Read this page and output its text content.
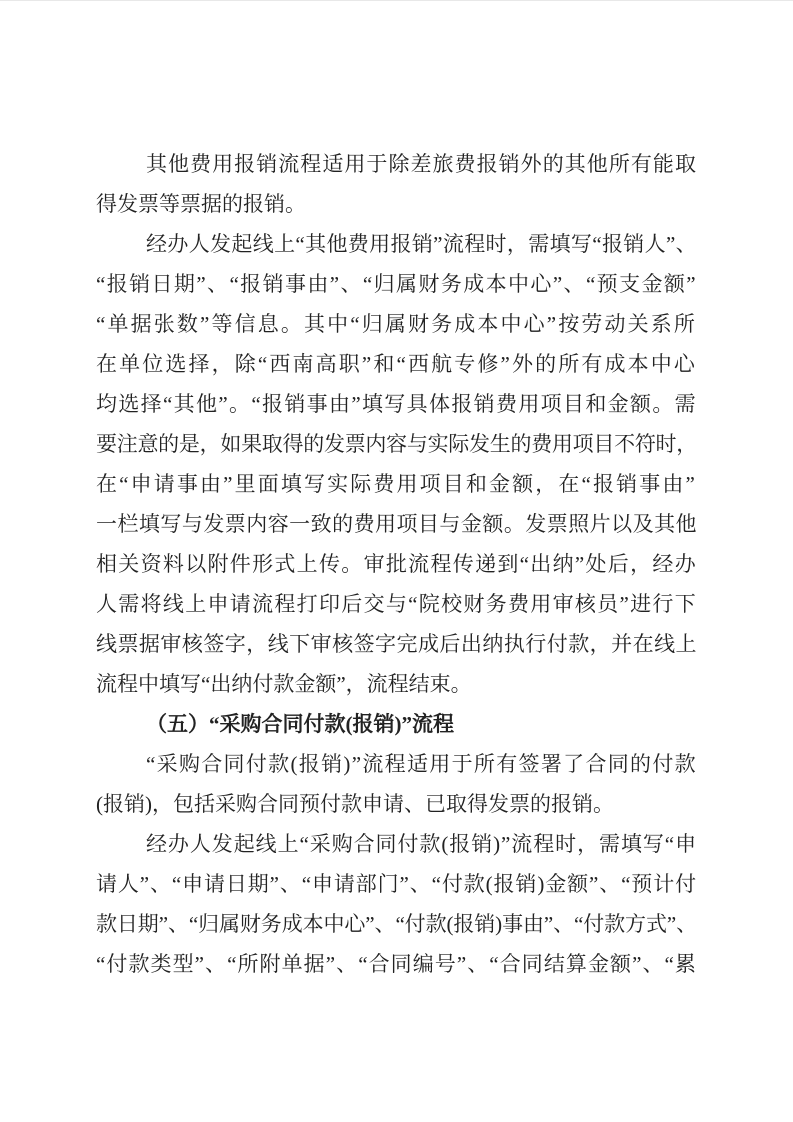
其他费用报销流程适用于除差旅费报销外的其他所有能取
得发票等票据的报销。
经办人发起线上“其他费用报销”流程时，需填写“报销人”、
“报销日期”、“报销事由”、“归属财务成本中心”、“预支金额”
“单据张数”等信息。其中“归属财务成本中心”按劳动关系所
在单位选择，除“西南高职”和“西航专修”外的所有成本中心
均选择“其他”。“报销事由”填写具体报销费用项目和金额。需
要注意的是，如果取得的发票内容与实际发生的费用项目不符时，
在“申请事由”里面填写实际费用项目和金额，在“报销事由”
一栏填写与发票内容一致的费用项目与金额。发票照片以及其他
相关资料以附件形式上传。审批流程传递到“出纳”处后，经办
人需将线上申请流程打印后交与“院校财务费用审核员”进行下
线票据审核签字，线下审核签字完成后出纳执行付款，并在线上
流程中填写“出纳付款金额”，流程结束。
（五）“采购合同付款(报销)”流程
“采购合同付款(报销)”流程适用于所有签署了合同的付款
(报销)，包括采购合同预付款申请、已取得发票的报销。
经办人发起线上“采购合同付款(报销)”流程时，需填写“申
请人”、“申请日期”、“申请部门”、“付款(报销)金额”、“预计付
款日期”、“归属财务成本中心”、“付款(报销)事由”、“付款方式”、
“付款类型”、“所附单据”、“合同编号”、“合同结算金额”、“累
